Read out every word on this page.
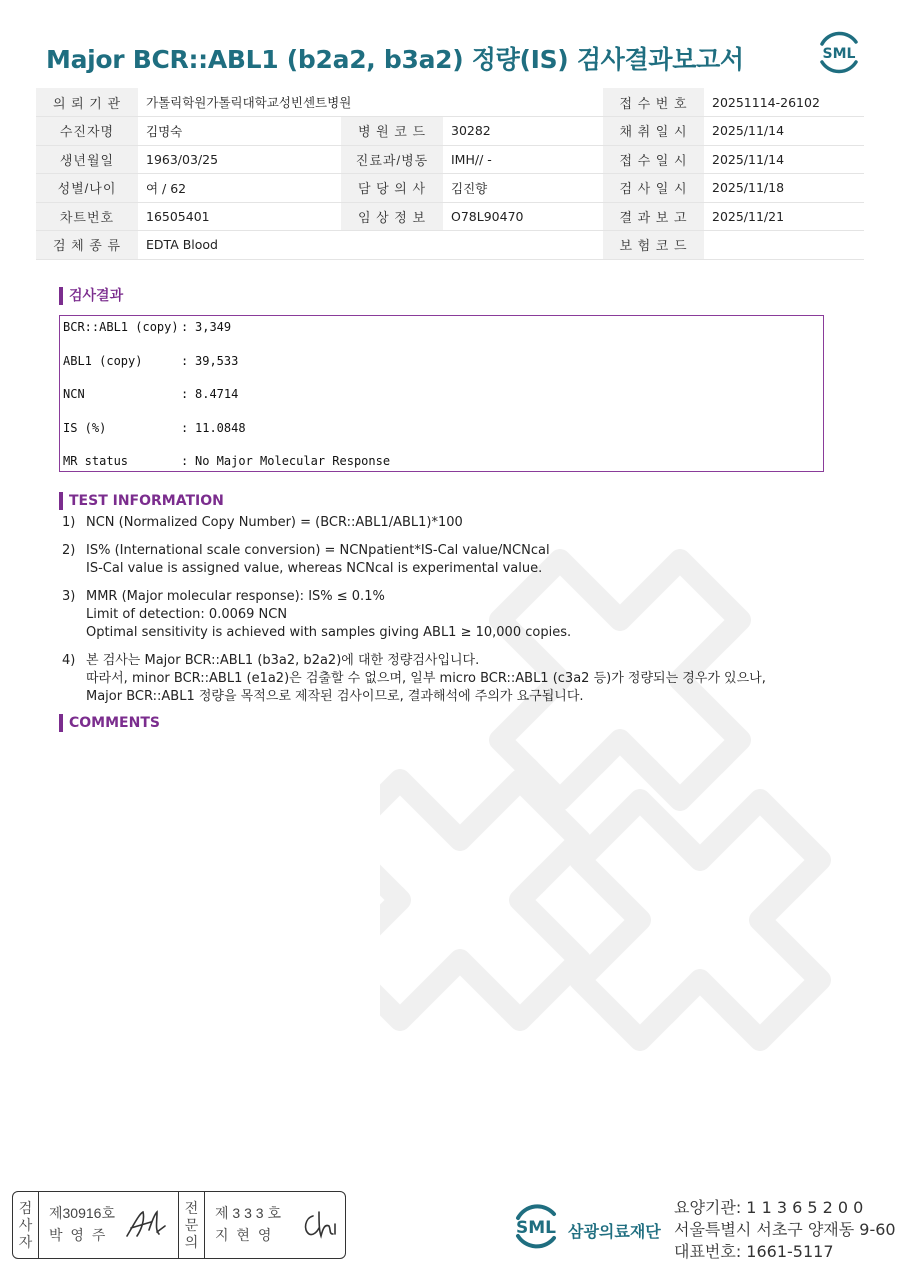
Major BCR::ABL1 (b2a2, b3a2) 정량(IS) 검사결과보고서	SML
의 뢰 기 관	가톨릭학원가톨릭대학교성빈센트병원			접 수 번 호	20251114-26102
수진자명	김명숙	병 원 코 드	30282	채 취 일 시	2025/11/14
생년월일	1963/03/25	진료과/병동	IMH// -	접 수 일 시	2025/11/14
성별/나이	여 / 62	담 당 의 사	김진향	검 사 일 시	2025/11/18
차트번호	16505401	임 상 정 보	O78L90470	결 과 보 고	2025/11/21
검 체 종 류	EDTA Blood			보 험 코 드	
검사결과
BCR::ABL1 (copy) : 3,349
ABL1 (copy)	: 39,533
NCN	: 8.4714
IS (%)	: 11.0848
MR status	: No Major Molecular Response
TEST INFORMATION
1) NCN (Normalized Copy Number) = (BCR::ABL1/ABL1)*100
2) IS% (International scale conversion) = NCNpatient*IS-Cal value/NCNcal
IS-Cal value is assigned value, whereas NCNcal is experimental value.
3) MMR (Major molecular response): IS% ≤ 0.1%
Limit of detection: 0.0069 NCN
Optimal sensitivity is achieved with samples giving ABL1 ≥ 10,000 copies.
4) 본 검사는 Major BCR::ABL1 (b3a2, b2a2)에 대한 정량검사입니다.
따라서, minor BCR::ABL1 (e1a2)은 검출할 수 없으며, 일부 micro BCR::ABL1 (c3a2 등)가 정량되는 경우가 있으나,
Major BCR::ABL1 정량을 목적으로 제작된 검사이므로, 결과해석에 주의가 요구됩니다.
COMMENTS
검
사
자
제30916호
박 영 주
전
문
의
제 3 3 3 호
지 현 영	SML 삼광의료재단
요양기관: 1 1 3 6 5 2 0 0
서울특별시 서초구 양재동 9-60
대표번호: 1661-5117
